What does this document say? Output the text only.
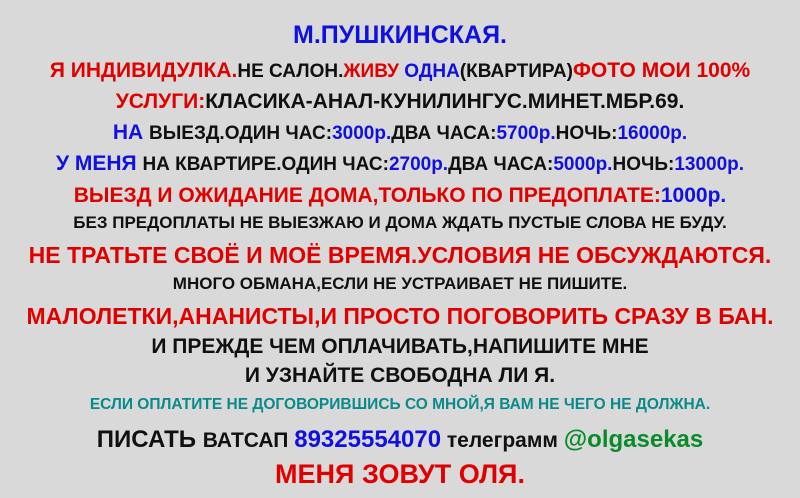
М.ПУШКИНСКАЯ.
Я ИНДИВИДУЛКА.НЕ САЛОН.ЖИВУ ОДНА(КВАРТИРА)ФОТО МОИ 100%
УСЛУГИ:КЛАСИКА-АНАЛ-КУНИЛИНГУС.МИНЕТ.МБР.69.
НА ВЫЕЗД.ОДИН ЧАС:3000р.ДВА ЧАСА:5700р.НОЧЬ:16000р.
У МЕНЯ НА КВАРТИРЕ.ОДИН ЧАС:2700р.ДВА ЧАСА:5000р.НОЧЬ:13000р.
ВЫЕЗД И ОЖИДАНИЕ ДОМА,ТОЛЬКО ПО ПРЕДОПЛАТЕ:1000р.
БЕЗ ПРЕДОПЛАТЫ НЕ ВЫЕЗЖАЮ И ДОМА ЖДАТЬ ПУСТЫЕ СЛОВА НЕ БУДУ.
НЕ ТРАТЬТЕ СВОЁ И МОЁ ВРЕМЯ.УСЛОВИЯ НЕ ОБСУЖДАЮТСЯ.
МНОГО ОБМАНА,ЕСЛИ НЕ УСТРАИВАЕТ НЕ ПИШИТЕ.
МАЛОЛЕТКИ,АНАНИСТЫ,И ПРОСТО ПОГОВОРИТЬ СРАЗУ В БАН.
И ПРЕЖДЕ ЧЕМ ОПЛАЧИВАТЬ,НАПИШИТЕ МНЕ
И УЗНАЙТЕ СВОБОДНА ЛИ Я.
ЕСЛИ ОПЛАТИТЕ НЕ ДОГОВОРИВШИСЬ СО МНОЙ,Я ВАМ НЕ ЧЕГО НЕ ДОЛЖНА.
ПИСАТЬ ВАТСАП 89325554070 телеграмм @olgasekas
МЕНЯ ЗОВУТ ОЛЯ.
